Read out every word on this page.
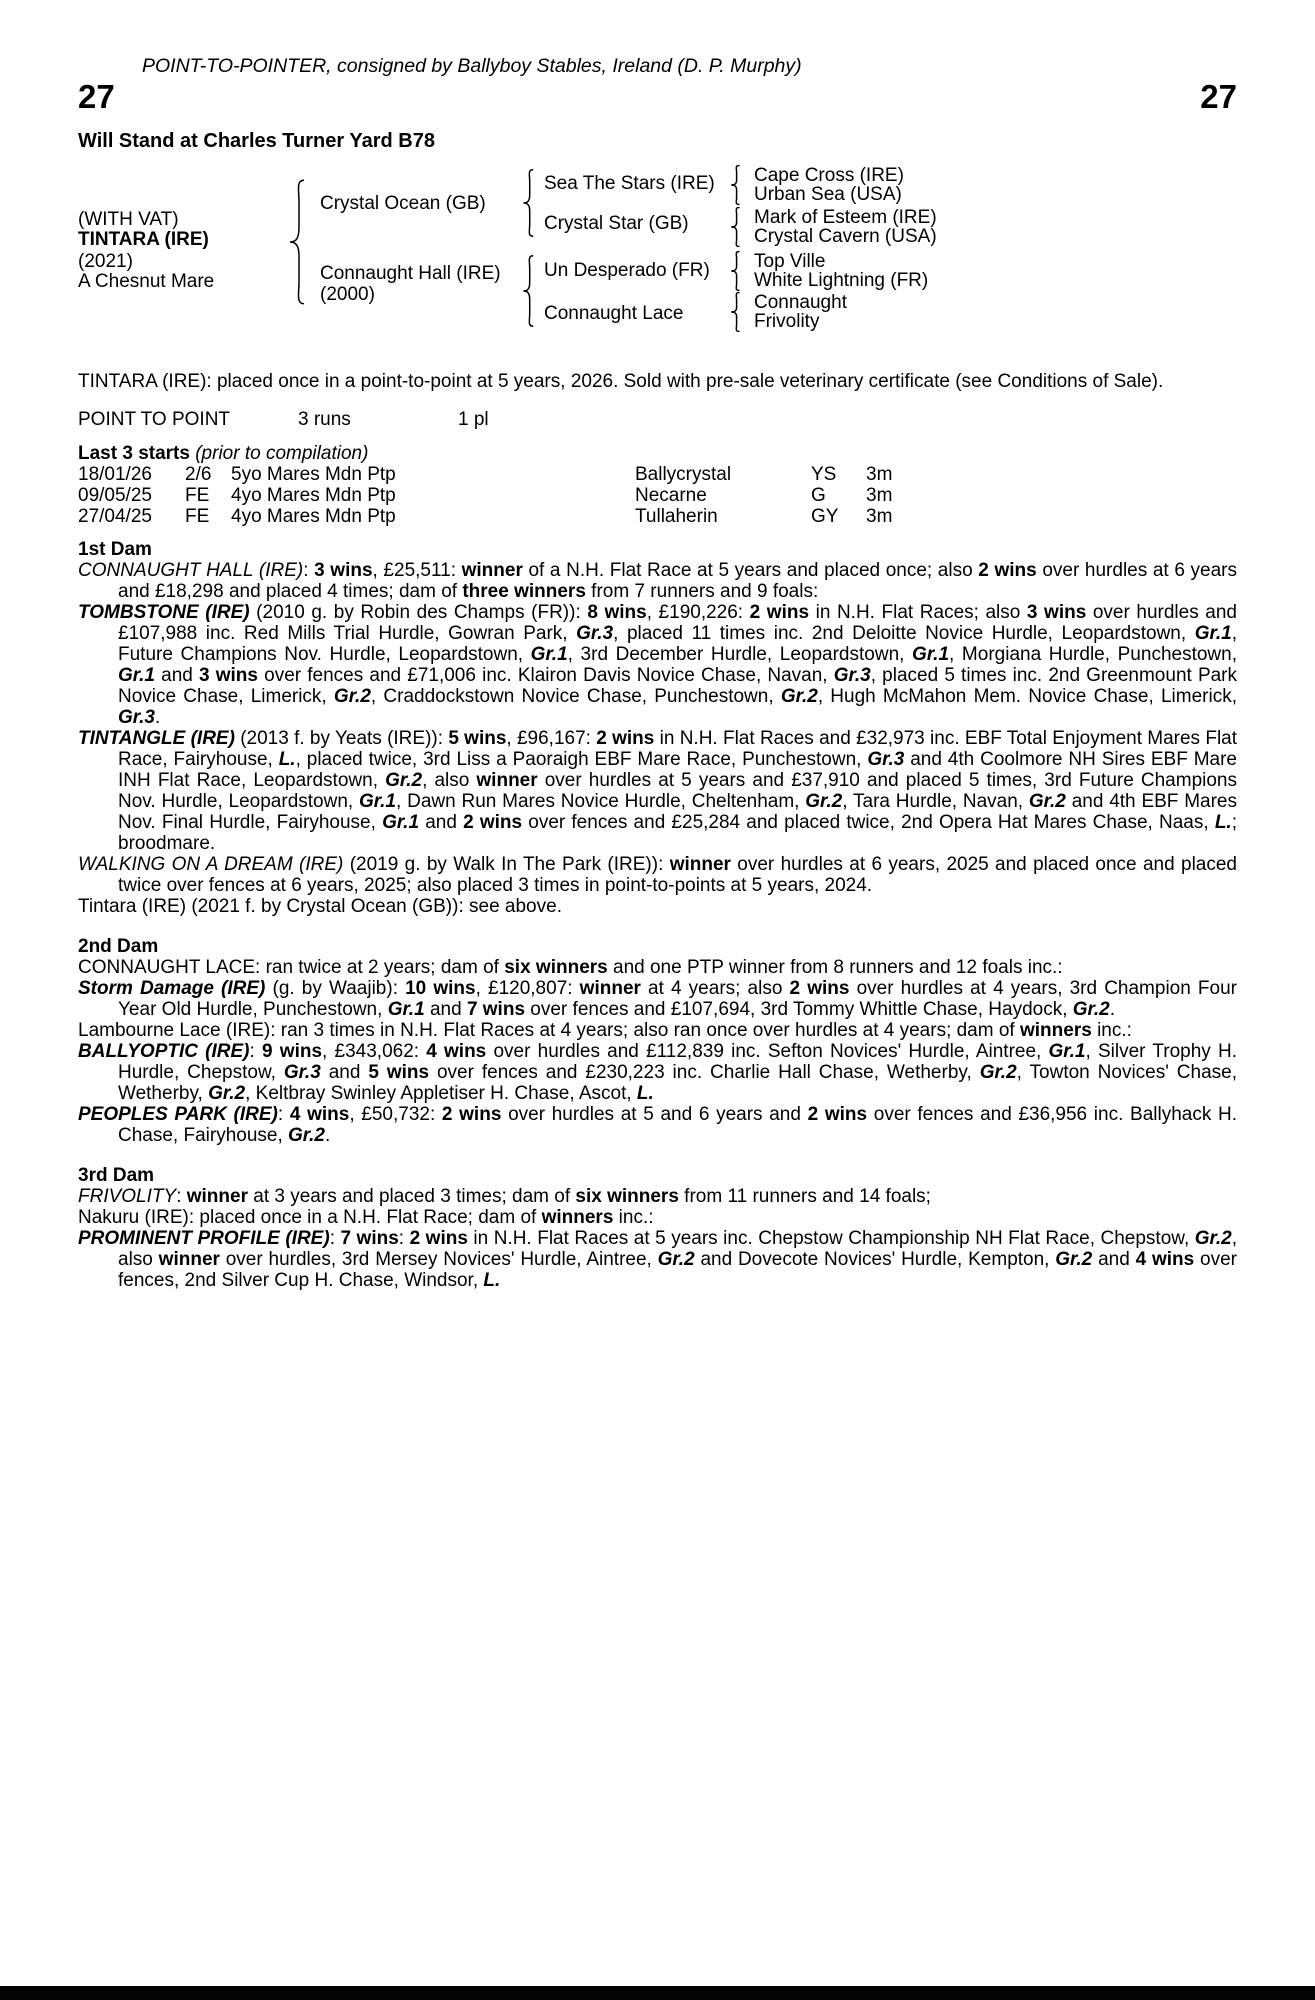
POINT-TO-POINTER, consigned by Ballyboy Stables, Ireland (D. P. Murphy)
27	27
Will Stand at Charles Turner Yard B78
(WITH VAT)
TINTARA (IRE)
(2021)
A Chesnut Mare
Crystal Ocean (GB)
Connaught Hall (IRE)
(2000)
Sea The Stars (IRE)
Crystal Star (GB)
Un Desperado (FR)
Connaught Lace
Cape Cross (IRE)
Urban Sea (USA)
Mark of Esteem (IRE)
Crystal Cavern (USA)
Top Ville
White Lightning (FR)
Connaught
Frivolity

TINTARA (IRE): placed once in a point-to-point at 5 years, 2026. Sold with pre-sale veterinary certificate (see Conditions of Sale).

POINT TO POINT	3 runs	1 pl
Last 3 starts (prior to compilation)
18/01/26	2/6	5yo Mares Mdn Ptp	Ballycrystal	YS	3m
09/05/25	FE	4yo Mares Mdn Ptp	Necarne	G	3m
27/04/25	FE	4yo Mares Mdn Ptp	Tullaherin	GY	3m
1st Dam

CONNAUGHT HALL (IRE): 3 wins, £25,511: winner of a N.H. Flat Race at 5 years and placed once; also 2 wins over hurdles at 6 years and £18,298 and placed 4 times; dam of three winners from 7 runners and 9 foals:

TOMBSTONE (IRE) (2010 g. by Robin des Champs (FR)): 8 wins, £190,226: 2 wins in N.H. Flat Races; also 3 wins over hurdles and £107,988 inc. Red Mills Trial Hurdle, Gowran Park, Gr.3, placed 11 times inc. 2nd Deloitte Novice Hurdle, Leopardstown, Gr.1, Future Champions Nov. Hurdle, Leopardstown, Gr.1, 3rd December Hurdle, Leopardstown, Gr.1, Morgiana Hurdle, Punchestown, Gr.1 and 3 wins over fences and £71,006 inc. Klairon Davis Novice Chase, Navan, Gr.3, placed 5 times inc. 2nd Greenmount Park Novice Chase, Limerick, Gr.2, Craddockstown Novice Chase, Punchestown, Gr.2, Hugh McMahon Mem. Novice Chase, Limerick, Gr.3.

TINTANGLE (IRE) (2013 f. by Yeats (IRE)): 5 wins, £96,167: 2 wins in N.H. Flat Races and £32,973 inc. EBF Total Enjoyment Mares Flat Race, Fairyhouse, L., placed twice, 3rd Liss a Paoraigh EBF Mare Race, Punchestown, Gr.3 and 4th Coolmore NH Sires EBF Mare INH Flat Race, Leopardstown, Gr.2, also winner over hurdles at 5 years and £37,910 and placed 5 times, 3rd Future Champions Nov. Hurdle, Leopardstown, Gr.1, Dawn Run Mares Novice Hurdle, Cheltenham, Gr.2, Tara Hurdle, Navan, Gr.2 and 4th EBF Mares Nov. Final Hurdle, Fairyhouse, Gr.1 and 2 wins over fences and £25,284 and placed twice, 2nd Opera Hat Mares Chase, Naas, L.; broodmare.

WALKING ON A DREAM (IRE) (2019 g. by Walk In The Park (IRE)): winner over hurdles at 6 years, 2025 and placed once and placed twice over fences at 6 years, 2025; also placed 3 times in point-to-points at 5 years, 2024.

Tintara (IRE) (2021 f. by Crystal Ocean (GB)): see above.

2nd Dam

CONNAUGHT LACE: ran twice at 2 years; dam of six winners and one PTP winner from 8 runners and 12 foals inc.:

Storm Damage (IRE) (g. by Waajib): 10 wins, £120,807: winner at 4 years; also 2 wins over hurdles at 4 years, 3rd Champion Four Year Old Hurdle, Punchestown, Gr.1 and 7 wins over fences and £107,694, 3rd Tommy Whittle Chase, Haydock, Gr.2.

Lambourne Lace (IRE): ran 3 times in N.H. Flat Races at 4 years; also ran once over hurdles at 4 years; dam of winners inc.:

BALLYOPTIC (IRE): 9 wins, £343,062: 4 wins over hurdles and £112,839 inc. Sefton Novices' Hurdle, Aintree, Gr.1, Silver Trophy H. Hurdle, Chepstow, Gr.3 and 5 wins over fences and £230,223 inc. Charlie Hall Chase, Wetherby, Gr.2, Towton Novices' Chase, Wetherby, Gr.2, Keltbray Swinley Appletiser H. Chase, Ascot, L.

PEOPLES PARK (IRE): 4 wins, £50,732: 2 wins over hurdles at 5 and 6 years and 2 wins over fences and £36,956 inc. Ballyhack H. Chase, Fairyhouse, Gr.2.

3rd Dam

FRIVOLITY: winner at 3 years and placed 3 times; dam of six winners from 11 runners and 14 foals;

Nakuru (IRE): placed once in a N.H. Flat Race; dam of winners inc.:

PROMINENT PROFILE (IRE): 7 wins: 2 wins in N.H. Flat Races at 5 years inc. Chepstow Championship NH Flat Race, Chepstow, Gr.2, also winner over hurdles, 3rd Mersey Novices' Hurdle, Aintree, Gr.2 and Dovecote Novices' Hurdle, Kempton, Gr.2 and 4 wins over fences, 2nd Silver Cup H. Chase, Windsor, L.
